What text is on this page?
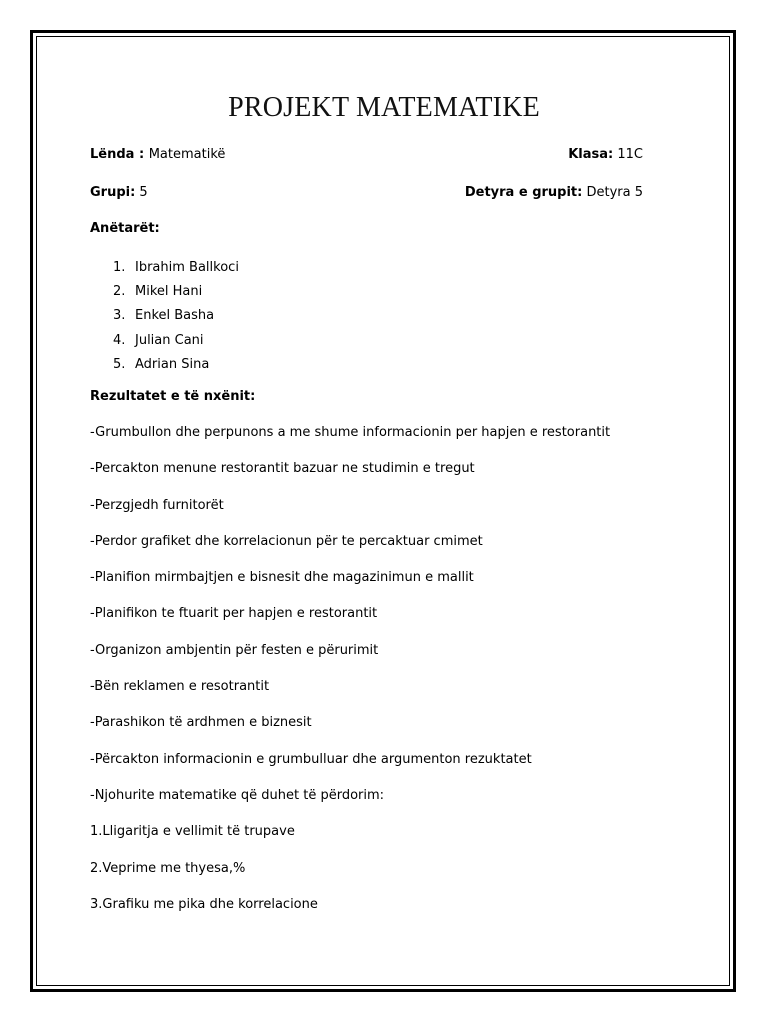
PROJEKT MATEMATIKE
Lënda : Matematikë	Klasa: 11C
Grupi: 5	Detyra e grupit: Detyra 5
Anëtarët:
1. Ibrahim Ballkoci
2. Mikel Hani
3. Enkel Basha
4. Julian Cani
5. Adrian Sina
Rezultatet e të nxënit:
-Grumbullon dhe perpunons a me shume informacionin per hapjen e restorantit
-Percakton menune restorantit bazuar ne studimin e tregut
-Perzgjedh furnitorët
-Perdor grafiket dhe korrelacionun për te percaktuar cmimet
-Planifion mirmbajtjen e bisnesit dhe magazinimun e mallit
-Planifikon te ftuarit per hapjen e restorantit
-Organizon ambjentin për festen e përurimit
-Bën reklamen e resotrantit
-Parashikon të ardhmen e biznesit
-Përcakton informacionin e grumbulluar dhe argumenton rezuktatet
-Njohurite matematike që duhet të përdorim:
1.Lligaritja e vellimit të trupave
2.Veprime me thyesa,%
3.Grafiku me pika dhe korrelacione
